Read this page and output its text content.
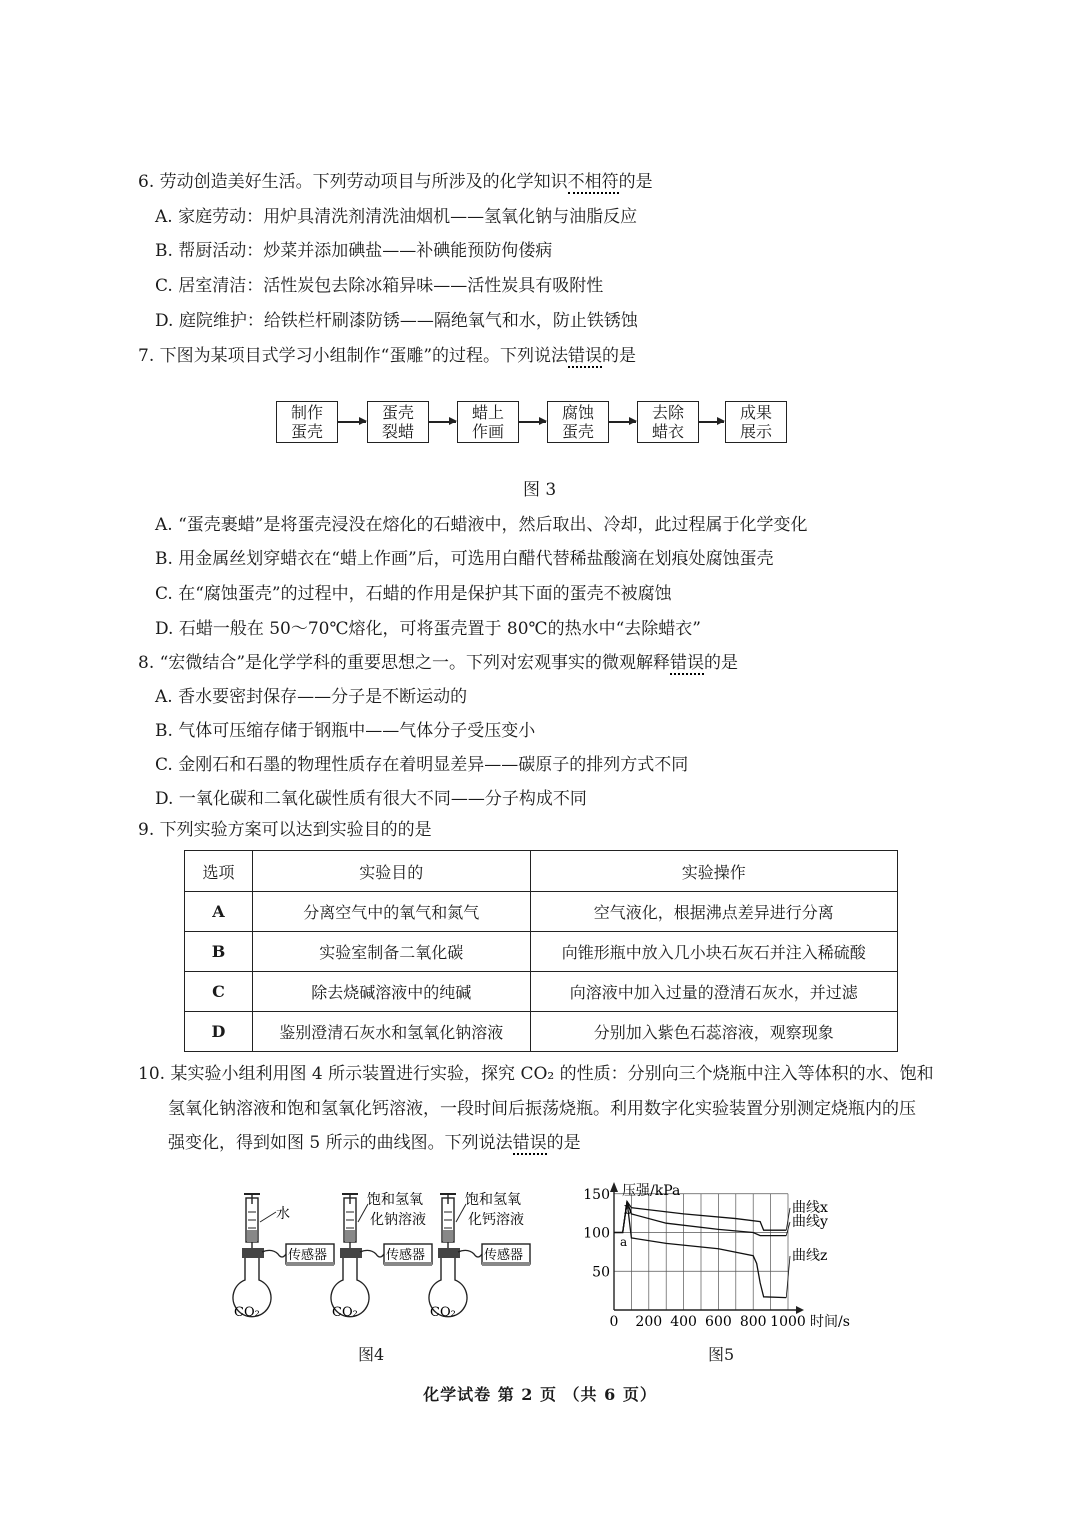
6. 劳动创造美好生活。下列劳动项目与所涉及的化学知识不相符的是
A. 家庭劳动：用炉具清洗剂清洗油烟机——氢氧化钠与油脂反应
B. 帮厨活动：炒菜并添加碘盐——补碘能预防佝偻病
C. 居室清洁：活性炭包去除冰箱异味——活性炭具有吸附性
D. 庭院维护：给铁栏杆刷漆防锈——隔绝氧气和水，防止铁锈蚀
7. 下图为某项目式学习小组制作“蛋雕”的过程。下列说法错误的是
制作
蛋壳
蛋壳
裂蜡
蜡上
作画
腐蚀
蛋壳
去除
蜡衣
成果
展示
图 3
A. “蛋壳裹蜡”是将蛋壳浸没在熔化的石蜡液中，然后取出、冷却，此过程属于化学变化
B. 用金属丝划穿蜡衣在“蜡上作画”后，可选用白醋代替稀盐酸滴在划痕处腐蚀蛋壳
C. 在“腐蚀蛋壳”的过程中，石蜡的作用是保护其下面的蛋壳不被腐蚀
D. 石蜡一般在 50～70℃熔化，可将蛋壳置于 80℃的热水中“去除蜡衣”
8. “宏微结合”是化学学科的重要思想之一。下列对宏观事实的微观解释错误的是
A. 香水要密封保存——分子是不断运动的
B. 气体可压缩存储于钢瓶中——气体分子受压变小
C. 金刚石和石墨的物理性质存在着明显差异——碳原子的排列方式不同
D. 一氧化碳和二氧化碳性质有很大不同——分子构成不同
9. 下列实验方案可以达到实验目的的是
选项	实验目的	实验操作
A	分离空气中的氧气和氮气	空气液化，根据沸点差异进行分离
B	实验室制备二氧化碳	向锥形瓶中放入几小块石灰石并注入稀硫酸
C	除去烧碱溶液中的纯碱	向溶液中加入过量的澄清石灰水，并过滤
D	鉴别澄清石灰水和氢氧化钠溶液	分别加入紫色石蕊溶液，观察现象
10. 某实验小组利用图 4 所示装置进行实验，探究 CO₂ 的性质：分别向三个烧瓶中注入等体积的水、饱和
氢氧化钠溶液和饱和氢氧化钙溶液，一段时间后振荡烧瓶。利用数字化实验装置分别测定烧瓶内的压
强变化，得到如图 5 所示的曲线图。下列说法错误的是
CO₂	CO₂	CO₂
传感器	传感器	传感器
水
饱和氢氧
化钠溶液
饱和氢氧
化钙溶液
图4
50
100
150
0 200 400 600 800 1000
曲线x
曲线y
曲线z
压强/kPa
时间/s
a
b
图5
化学试卷 第 2 页 （共 6 页）
